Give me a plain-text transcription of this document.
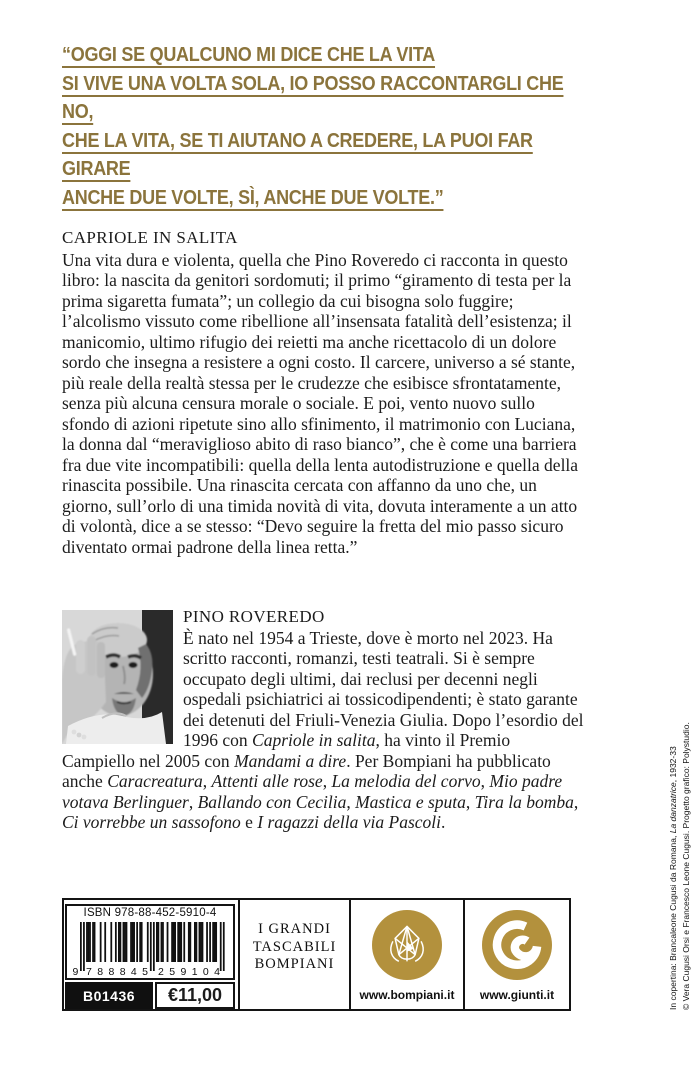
“OGGI SE QUALCUNO MI DICE CHE LA VITA
SI VIVE UNA VOLTA SOLA, IO POSSO RACCONTARGLI CHE NO,
CHE LA VITA, SE TI AIUTANO A CREDERE, LA PUOI FAR GIRARE
ANCHE DUE VOLTE, SÌ, ANCHE DUE VOLTE.”
CAPRIOLE IN SALITA
Una vita dura e violenta, quella che Pino Roveredo ci racconta in questo libro: la nascita da genitori sordomuti; il primo “giramento di testa per la prima sigaretta fumata”; un collegio da cui bisogna solo fuggire; l’alcolismo vissuto come ribellione all’insensata fatalità dell’esistenza; il manicomio, ultimo rifugio dei reietti ma anche ricettacolo di un dolore sordo che insegna a resistere a ogni costo. Il carcere, universo a sé stante, più reale della realtà stessa per le crudezze che esibisce sfrontatamente, senza più alcuna censura morale o sociale. E poi, vento nuovo sullo sfondo di azioni ripetute sino allo sfinimento, il matrimonio con Luciana, la donna dal “meraviglioso abito di raso bianco”, che è come una barriera fra due vite incompatibili: quella della lenta autodistruzione e quella della rinascita possibile. Una rinascita cercata con affanno da uno che, un giorno, sull’orlo di una timida novità di vita, dovuta interamente a un atto di volontà, dice a se stesso: “Devo seguire la fretta del mio passo sicuro diventato ormai padrone della linea retta.”
PINO ROVEREDO
È nato nel 1954 a Trieste, dove è morto nel 2023. Ha scritto racconti, romanzi, testi teatrali. Si è sempre occupato degli ultimi, dai reclusi per decenni negli ospedali psichiatrici ai tossicodipendenti; è stato garante dei detenuti del Friuli-Venezia Giulia. Dopo l’esordio del 1996 con Capriole in salita, ha vinto il Premio Campiello nel 2005 con Mandami a dire. Per Bompiani ha pubblicato anche Caracreatura, Attenti alle rose, La melodia del corvo, Mio padre votava Berlinguer, Ballando con Cecilia, Mastica e sputa, Tira la bomba, Ci vorrebbe un sassofono e I ragazzi della via Pascoli.
ISBN 978-88-452-5910-4
9 788845 259104
B01436	€11,00
I GRANDI
TASCABILI
BOMPIANI
www.bompiani.it	www.giunti.it	In copertina: Brancaleone Cugusi da Romana, La danzatrice, 1932-33 © Vera Cugusi Orsi e Francesco Leone Cugusi. Progetto grafico: Polystudio.
